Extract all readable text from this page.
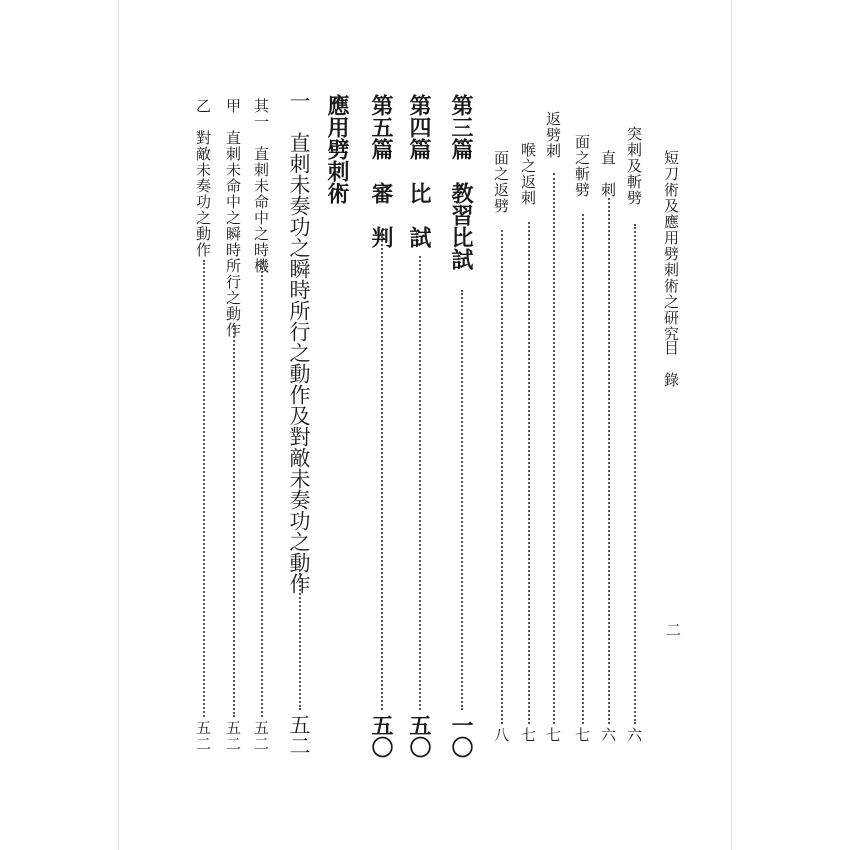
短刀術及應用劈刺術之研究
目　錄
二
突刺及斬劈
六
直　刺
六
面之斬劈
七
返劈刺
七
喉之返刺
七
面之返劈
八
第三篇　教習比試
一〇
第四篇　比　試
五〇
第五篇　審　判
五〇
應用劈刺術
一　直刺未奏功之瞬時所行之動作及對敵未奏功之動作
五二
其一　直刺未命中之時機
五二
甲　直刺未命中之瞬時所行之動作
五二
乙　對敵未奏功之動作
五二
